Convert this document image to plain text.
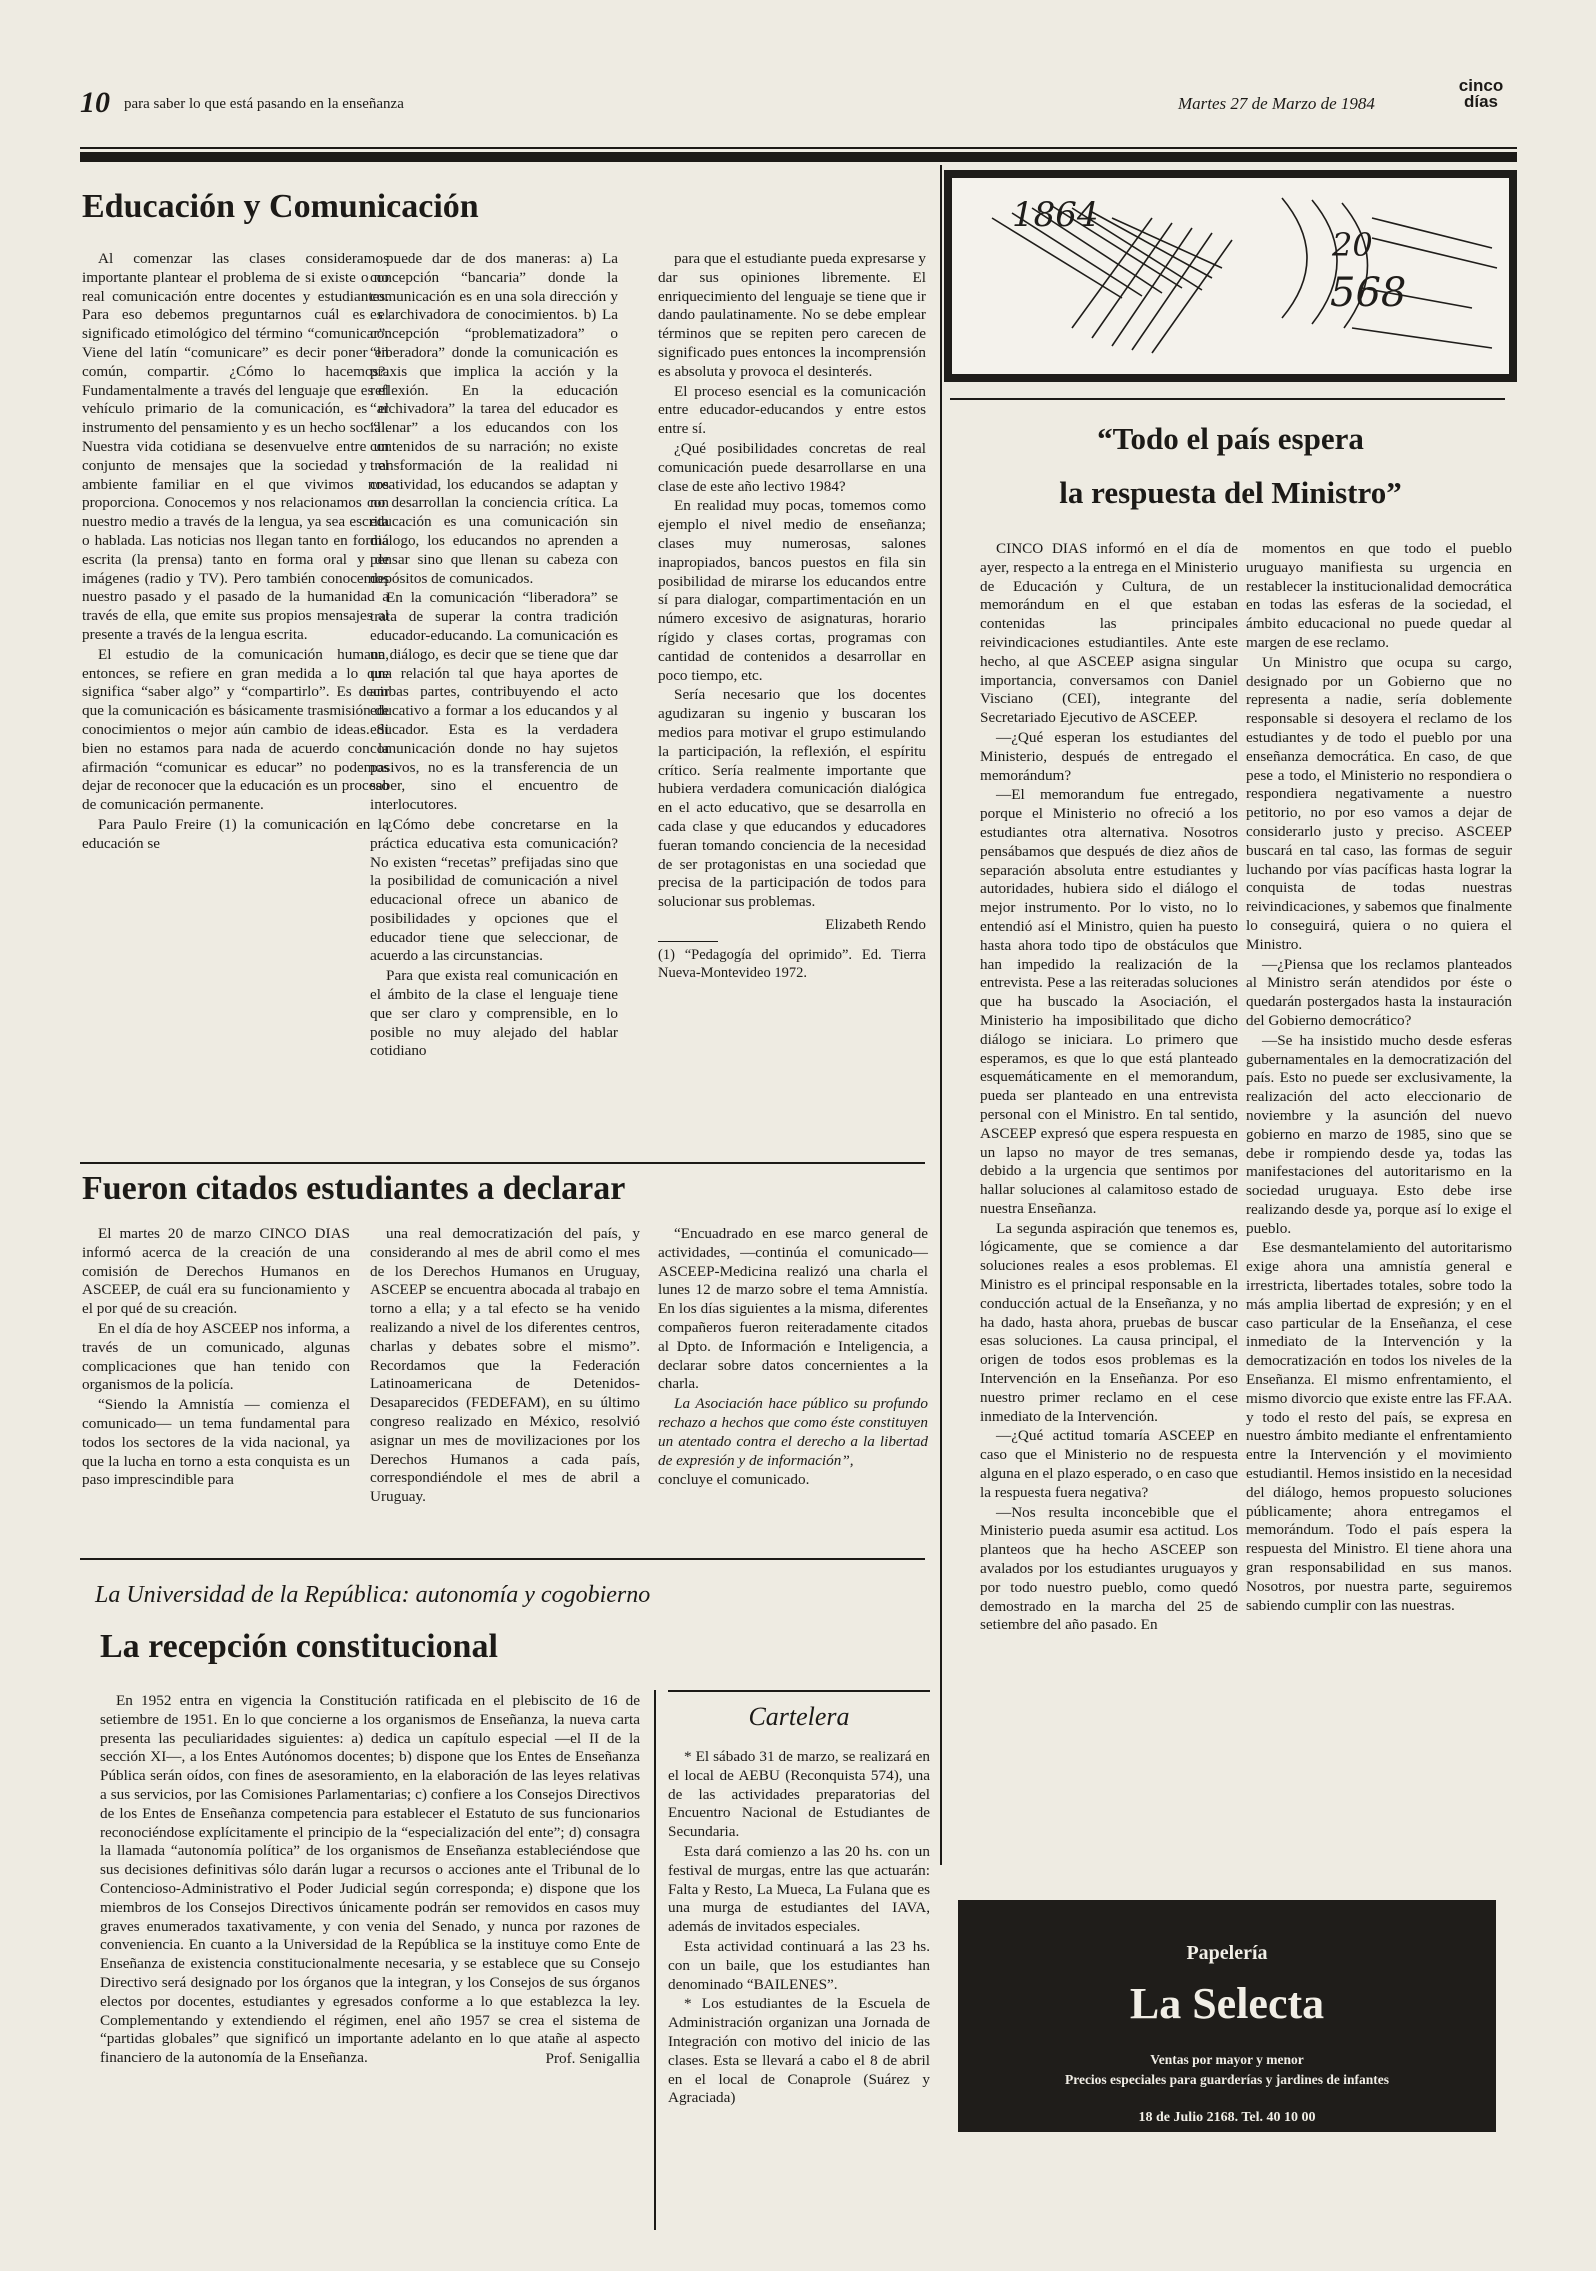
10 para saber lo que está pasando en la enseñanza	Martes 27 de Marzo de 1984
cinco
días
Educación y Comunicación

Al comenzar las clases consideramos importante plantear el problema de si existe o no real comunicación entre docentes y estudiantes. Para eso debemos preguntarnos cuál es el significado etimológico del término “comunicar”. Viene del latín “comunicare” es decir poner en común, compartir. ¿Cómo lo hacemos?. Fundamentalmente a través del lenguaje que es el vehículo primario de la comunicación, es el instrumento del pensamiento y es un hecho social. Nuestra vida cotidiana se desenvuelve entre un conjunto de mensajes que la sociedad y el ambiente familiar en el que vivimos nos proporciona. Conocemos y nos relacionamos con nuestro medio a través de la lengua, ya sea escrita o hablada. Las noticias nos llegan tanto en forma escrita (la prensa) tanto en forma oral y de imágenes (radio y TV). Pero también conocemos nuestro pasado y el pasado de la humanidad a través de ella, que emite sus propios mensajes al presente a través de la lengua escrita.

El estudio de la comunicación humana, entonces, se refiere en gran medida a lo que significa “saber algo” y “compartirlo”. Es decir que la comunicación es básicamente trasmisión de conocimientos o mejor aún cambio de ideas. Si bien no estamos para nada de acuerdo con la afirmación “comunicar es educar” no podemos dejar de reconocer que la educación es un proceso de comunicación permanente.

Para Paulo Freire (1) la comunicación en la educación se

puede dar de dos maneras: a) La concepción “bancaria” donde la comunicación es en una sola dirección y es archivadora de conocimientos. b) La concepción “problematizadora” o “liberadora” donde la comunicación es praxis que implica la acción y la reflexión. En la educación “archivadora” la tarea del educador es “llenar” a los educandos con los contenidos de su narración; no existe transformación de la realidad ni creatividad, los educandos se adaptan y no desarrollan la conciencia crítica. La educación es una comunicación sin diálogo, los educandos no aprenden a pensar sino que llenan su cabeza con depósitos de comunicados.

En la comunicación “liberadora” se trata de superar la contra tradición educador-educando. La comunicación es un diálogo, es decir que se tiene que dar una relación tal que haya aportes de ambas partes, contribuyendo el acto educativo a formar a los educandos y al educador. Esta es la verdadera comunicación donde no hay sujetos pasivos, no es la transferencia de un saber, sino el encuentro de interlocutores.

¿Cómo debe concretarse en la práctica educativa esta comunicación? No existen “recetas” prefijadas sino que la posibilidad de comunicación a nivel educacional ofrece un abanico de posibilidades y opciones que el educador tiene que seleccionar, de acuerdo a las circunstancias.

Para que exista real comunicación en el ámbito de la clase el lenguaje tiene que ser claro y comprensible, en lo posible no muy alejado del hablar cotidiano

para que el estudiante pueda expresarse y dar sus opiniones libremente. El enriquecimiento del lenguaje se tiene que ir dando paulatinamente. No se debe emplear términos que se repiten pero carecen de significado pues entonces la incomprensión es absoluta y provoca el desinterés.

El proceso esencial es la comunicación entre educador-educandos y entre estos entre sí.

¿Qué posibilidades concretas de real comunicación puede desarrollarse en una clase de este año lectivo 1984?

En realidad muy pocas, tomemos como ejemplo el nivel medio de enseñanza; clases muy numerosas, salones inapropiados, bancos puestos en fila sin posibilidad de mirarse los educandos entre sí para dialogar, compartimentación en un número excesivo de asignaturas, horario rígido y clases cortas, programas con cantidad de contenidos a desarrollar en poco tiempo, etc.

Sería necesario que los docentes agudizaran su ingenio y buscaran los medios para motivar el grupo estimulando la participación, la reflexión, el espíritu crítico. Sería realmente importante que hubiera verdadera comunicación dialógica en el acto educativo, que se desarrolla en cada clase y que educandos y educadores fueran tomando conciencia de la necesidad de ser protagonistas en una sociedad que precisa de la participación de todos para solucionar sus problemas.

Elizabeth Rendo
(1) “Pedagogía del oprimido”. Ed. Tierra Nueva-Montevideo 1972.
Fueron citados estudiantes a declarar

El martes 20 de marzo CINCO DIAS informó acerca de la creación de una comisión de Derechos Humanos en ASCEEP, de cuál era su funcionamiento y el por qué de su creación.

En el día de hoy ASCEEP nos informa, a través de un comunicado, algunas complicaciones que han tenido con organismos de la policía.

“Siendo la Amnistía — comienza el comunicado— un tema fundamental para todos los sectores de la vida nacional, ya que la lucha en torno a esta conquista es un paso imprescindible para

una real democratización del país, y considerando al mes de abril como el mes de los Derechos Humanos en Uruguay, ASCEEP se encuentra abocada al trabajo en torno a ella; y a tal efecto se ha venido realizando a nivel de los diferentes centros, charlas y debates sobre el mismo”. Recordamos que la Federación Latinoamericana de Detenidos-Desaparecidos (FEDEFAM), en su último congreso realizado en México, resolvió asignar un mes de movilizaciones por los Derechos Humanos a cada país, correspondiéndole el mes de abril a Uruguay.

“Encuadrado en ese marco general de actividades, —continúa el comunicado— ASCEEP-Medicina realizó una charla el lunes 12 de marzo sobre el tema Amnistía. En los días siguientes a la misma, diferentes compañeros fueron reiteradamente citados al Dpto. de Información e Inteligencia, a declarar sobre datos concernientes a la charla.

La Asociación hace público su profundo rechazo a hechos que como éste constituyen un atentado contra el derecho a la libertad de expresión y de información”,

concluye el comunicado.

La Universidad de la República: autonomía y cogobierno
La recepción constitucional

En 1952 entra en vigencia la Constitución ratificada en el plebiscito de 16 de setiembre de 1951. En lo que concierne a los organismos de Enseñanza, la nueva carta presenta las peculiaridades siguientes: a) dedica un capítulo especial —el II de la sección XI—, a los Entes Autónomos docentes; b) dispone que los Entes de Enseñanza Pública serán oídos, con fines de asesoramiento, en la elaboración de las leyes relativas a sus servicios, por las Comisiones Parlamentarias; c) confiere a los Consejos Directivos de los Entes de Enseñanza competencia para establecer el Estatuto de sus funcionarios reconociéndose explícitamente el principio de la “especialización del ente”; d) consagra la llamada “autonomía política” de los organismos de Enseñanza estableciéndose que sus decisiones definitivas sólo darán lugar a recursos o acciones ante el Tribunal de lo Contencioso-Administrativo el Poder Judicial según corresponda; e) dispone que los miembros de los Consejos Directivos únicamente podrán ser removidos en casos muy graves enumerados taxativamente, y con venia del Senado, y nunca por razones de conveniencia. En cuanto a la Universidad de la República se la instituye como Ente de Enseñanza de existencia constitucionalmente necesaria, y se establece que su Consejo Directivo será designado por los órganos que la integran, y los Consejos de sus órganos electos por docentes, estudiantes y egresados conforme a lo que establezca la ley. Complementando y extendiendo el régimen, enel año 1957 se crea el sistema de “partidas globales” que significó un importante adelanto en lo que atañe al aspecto financiero de la autonomía de la Enseñanza.	Prof. Senigallia
Cartelera

* El sábado 31 de marzo, se realizará en el local de AEBU (Reconquista 574), una de las actividades preparatorias del Encuentro Nacional de Estudiantes de Secundaria.

Esta dará comienzo a las 20 hs. con un festival de murgas, entre las que actuarán: Falta y Resto, La Mueca, La Fulana que es una murga de estudiantes del IAVA, además de invitados especiales.

Esta actividad continuará a las 23 hs. con un baile, que los estudiantes han denominado “BAILENES”.

* Los estudiantes de la Escuela de Administración organizan una Jornada de Integración con motivo del inicio de las clases. Esta se llevará a cabo el 8 de abril en el local de Conaprole (Suárez y Agraciada)

1864
20
568
“Todo el país espera
la respuesta del Ministro”

CINCO DIAS informó en el día de ayer, respecto a la entrega en el Ministerio de Educación y Cultura, de un memorándum en el que estaban contenidas las principales reivindicaciones estudiantiles. Ante este hecho, al que ASCEEP asigna singular importancia, conversamos con Daniel Visciano (CEI), integrante del Secretariado Ejecutivo de ASCEEP.

—¿Qué esperan los estudiantes del Ministerio, después de entregado el memorándum?

—El memorandum fue entregado, porque el Ministerio no ofreció a los estudiantes otra alternativa. Nosotros pensábamos que después de diez años de separación absoluta entre estudiantes y autoridades, hubiera sido el diálogo el mejor instrumento. Por lo visto, no lo entendió así el Ministro, quien ha puesto hasta ahora todo tipo de obstáculos que han impedido la realización de la entrevista. Pese a las reiteradas soluciones que ha buscado la Asociación, el Ministerio ha imposibilitado que dicho diálogo se iniciara. Lo primero que esperamos, es que lo que está planteado esquemáticamente en el memorandum, pueda ser planteado en una entrevista personal con el Ministro. En tal sentido, ASCEEP expresó que espera respuesta en un lapso no mayor de tres semanas, debido a la urgencia que sentimos por hallar soluciones al calamitoso estado de nuestra Enseñanza.

La segunda aspiración que tenemos es, lógicamente, que se comience a dar soluciones reales a esos problemas. El Ministro es el principal responsable en la conducción actual de la Enseñanza, y no ha dado, hasta ahora, pruebas de buscar esas soluciones. La causa principal, el origen de todos esos problemas es la Intervención en la Enseñanza. Por eso nuestro primer reclamo en el cese inmediato de la Intervención.

—¿Qué actitud tomaría ASCEEP en caso que el Ministerio no de respuesta alguna en el plazo esperado, o en caso que la respuesta fuera negativa?

—Nos resulta inconcebible que el Ministerio pueda asumir esa actitud. Los planteos que ha hecho ASCEEP son avalados por los estudiantes uruguayos y por todo nuestro pueblo, como quedó demostrado en la marcha del 25 de setiembre del año pasado. En

momentos en que todo el pueblo uruguayo manifiesta su urgencia en restablecer la institucionalidad democrática en todas las esferas de la sociedad, el ámbito educacional no puede quedar al margen de ese reclamo.

Un Ministro que ocupa su cargo, designado por un Gobierno que no representa a nadie, sería doblemente responsable si desoyera el reclamo de los estudiantes y de todo el pueblo por una enseñanza democrática. En caso, de que pese a todo, el Ministerio no respondiera o respondiera negativamente a nuestro petitorio, no por eso vamos a dejar de considerarlo justo y preciso. ASCEEP buscará en tal caso, las formas de seguir luchando por vías pacíficas hasta lograr la conquista de todas nuestras reivindicaciones, y sabemos que finalmente lo conseguirá, quiera o no quiera el Ministro.

—¿Piensa que los reclamos planteados al Ministro serán atendidos por éste o quedarán postergados hasta la instauración del Gobierno democrático?

—Se ha insistido mucho desde esferas gubernamentales en la democratización del país. Esto no puede ser exclusivamente, la realización del acto eleccionario de noviembre y la asunción del nuevo gobierno en marzo de 1985, sino que se debe ir rompiendo desde ya, todas las manifestaciones del autoritarismo en la sociedad uruguaya. Esto debe irse realizando desde ya, porque así lo exige el pueblo.

Ese desmantelamiento del autoritarismo exige ahora una amnistía general e irrestricta, libertades totales, sobre todo la más amplia libertad de expresión; y en el caso particular de la Enseñanza, el cese inmediato de la Intervención y la democratización en todos los niveles de la Enseñanza. El mismo enfrentamiento, el mismo divorcio que existe entre las FF.AA. y todo el resto del país, se expresa en nuestro ámbito mediante el enfrentamiento entre la Intervención y el movimiento estudiantil. Hemos insistido en la necesidad del diálogo, hemos propuesto soluciones públicamente; ahora entregamos el memorándum. Todo el país espera la respuesta del Ministro. El tiene ahora una gran responsabilidad en sus manos. Nosotros, por nuestra parte, seguiremos sabiendo cumplir con las nuestras.

Papelería
La Selecta
Ventas por mayor y menor
Precios especiales para guarderías y jardines de infantes
18 de Julio 2168. Tel. 40 10 00
